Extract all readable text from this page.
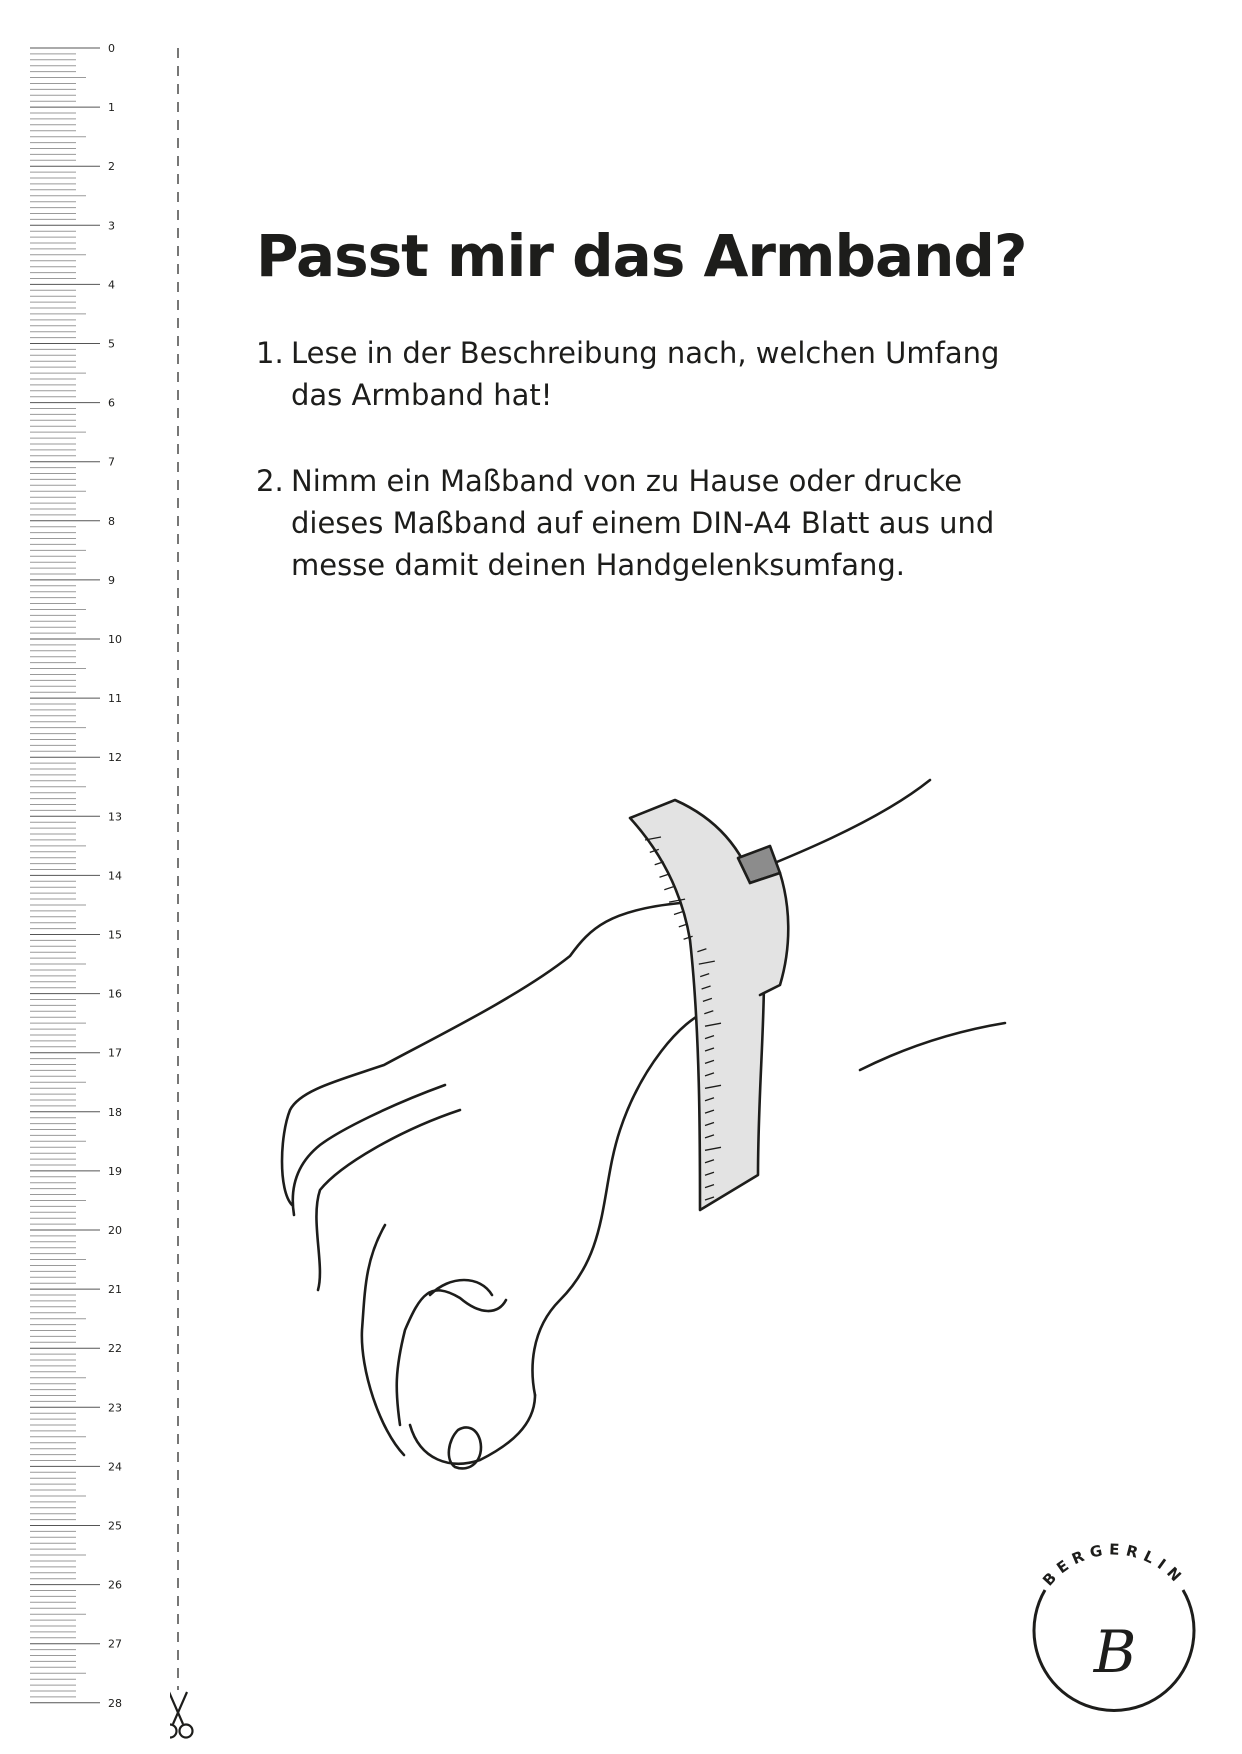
0
1
2
3
4
5
6
7
8
9
10
11
12
13
14
15
16
17
18
19
20
21
22
23
24
25
26
27
28
Passt mir das Armband?
1. Lese in der Beschreibung nach, welchen Umfang
das Armband hat!
2. Nimm ein Maßband von zu Hause oder drucke
dieses Maßband auf einem DIN-A4 Blatt aus und
messe damit deinen Handgelenksumfang.
BERGERLIN
B
